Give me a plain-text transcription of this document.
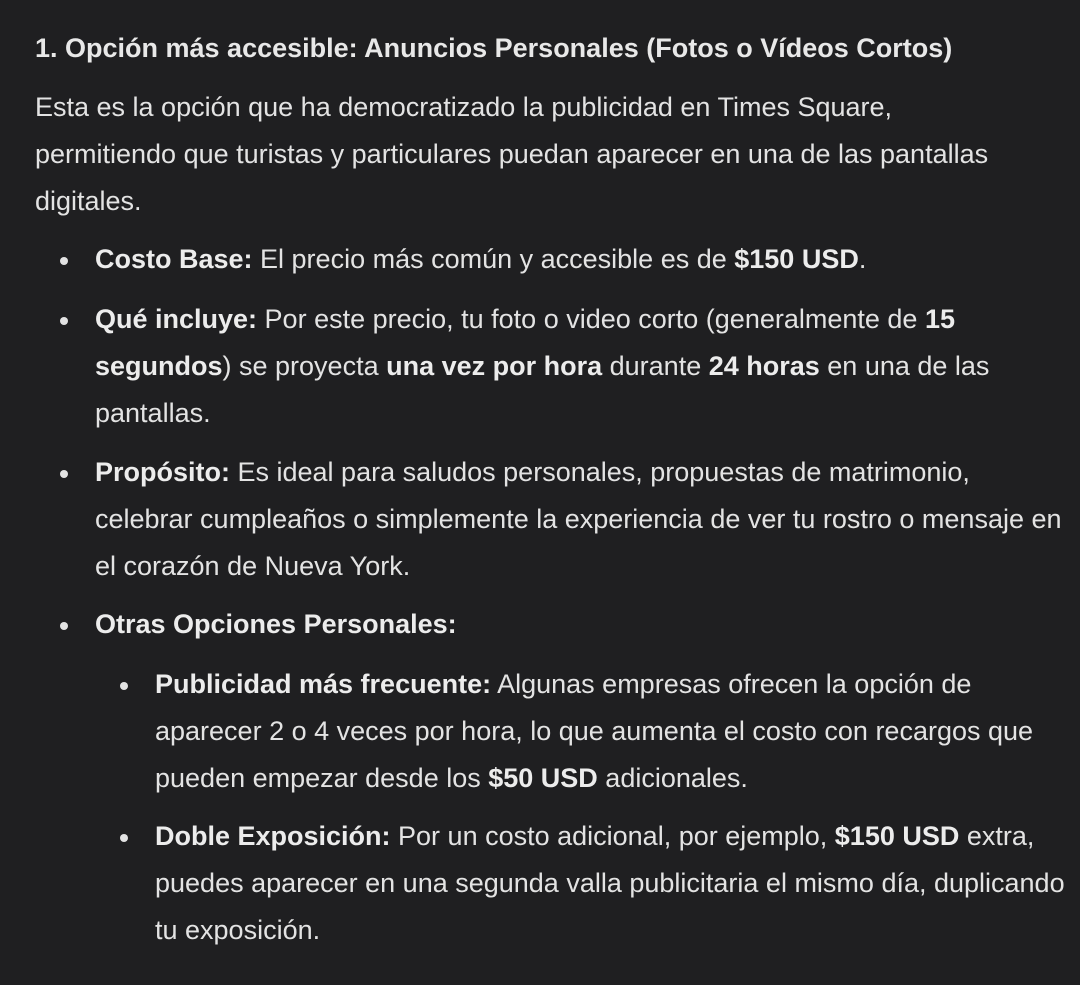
1. Opción más accesible: Anuncios Personales (Fotos o Vídeos Cortos)

Esta es la opción que ha democratizado la publicidad en Times Square, permitiendo que turistas y particulares puedan aparecer en una de las pantallas digitales.

Costo Base: El precio más común y accesible es de $150 USD.

Qué incluye: Por este precio, tu foto o video corto (generalmente de 15 segundos) se proyecta una vez por hora durante 24 horas en una de las pantallas.

Propósito: Es ideal para saludos personales, propuestas de matrimonio, celebrar cumpleaños o simplemente la experiencia de ver tu rostro o mensaje en el corazón de Nueva York.

Otras Opciones Personales:

Publicidad más frecuente: Algunas empresas ofrecen la opción de aparecer 2 o 4 veces por hora, lo que aumenta el costo con recargos que pueden empezar desde los $50 USD adicionales.

Doble Exposición: Por un costo adicional, por ejemplo, $150 USD extra, puedes aparecer en una segunda valla publicitaria el mismo día, duplicando tu exposición.
